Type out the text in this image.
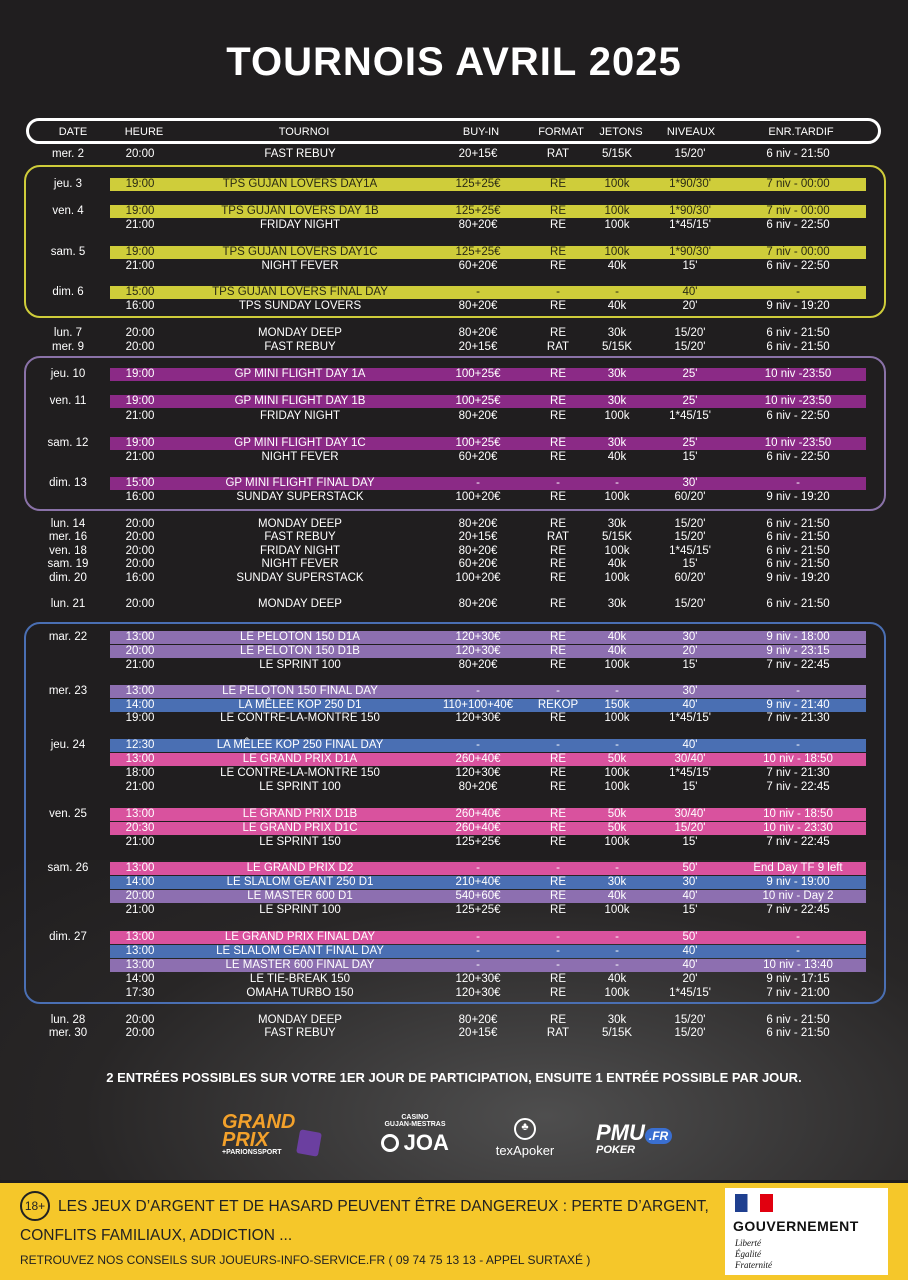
TOURNOIS AVRIL 2025
DATE	HEURE	TOURNOI	BUY-IN	FORMAT JETONS NIVEAUX	ENR.TARDIF
mer. 2	20:00	FAST REBUY	20+15€	RAT	5/15K	15/20'	6 niv - 21:50
jeu. 3	19:00	TPS GUJAN LOVERS DAY1A	125+25€	RE	100k	1*90/30'	7 niv - 00:00
ven. 4	19:00	TPS GUJAN LOVERS DAY 1B	125+25€	RE	100k	1*90/30'	7 niv - 00:00
21:00	FRIDAY NIGHT	80+20€	RE	100k	1*45/15'	6 niv - 22:50
sam. 5	19:00	TPS GUJAN LOVERS DAY1C	125+25€	RE	100k	1*90/30'	7 niv - 00:00
21:00	NIGHT FEVER	60+20€	RE	40k	15'	6 niv - 22:50
dim. 6	15:00	TPS GUJAN LOVERS FINAL DAY	-	-	-	40'	-
16:00	TPS SUNDAY LOVERS	80+20€	RE	40k	20'	9 niv - 19:20
lun. 7	20:00	MONDAY DEEP	80+20€	RE	30k	15/20'	6 niv - 21:50
mer. 9	20:00	FAST REBUY	20+15€	RAT	5/15K	15/20'	6 niv - 21:50
jeu. 10	19:00	GP MINI FLIGHT DAY 1A	100+25€	RE	30k	25'	10 niv -23:50
ven. 11	19:00	GP MINI FLIGHT DAY 1B	100+25€	RE	30k	25'	10 niv -23:50
21:00	FRIDAY NIGHT	80+20€	RE	100k	1*45/15'	6 niv - 22:50
sam. 12	19:00	GP MINI FLIGHT DAY 1C	100+25€	RE	30k	25'	10 niv -23:50
21:00	NIGHT FEVER	60+20€	RE	40k	15'	6 niv - 22:50
dim. 13	15:00	GP MINI FLIGHT FINAL DAY	-	-	-	30'	-
16:00	SUNDAY SUPERSTACK	100+20€	RE	100k	60/20'	9 niv - 19:20
lun. 14	20:00	MONDAY DEEP	80+20€	RE	30k	15/20'	6 niv - 21:50
mer. 16	20:00	FAST REBUY	20+15€	RAT	5/15K	15/20'	6 niv - 21:50
ven. 18	20:00	FRIDAY NIGHT	80+20€	RE	100k	1*45/15'	6 niv - 21:50
sam. 19	20:00	NIGHT FEVER	60+20€	RE	40k	15'	6 niv - 21:50
dim. 20	16:00	SUNDAY SUPERSTACK	100+20€	RE	100k	60/20'	9 niv - 19:20
lun. 21	20:00	MONDAY DEEP	80+20€	RE	30k	15/20'	6 niv - 21:50
mar. 22	13:00	LE PELOTON 150 D1A	120+30€	RE	40k	30'	9 niv - 18:00
20:00	LE PELOTON 150 D1B	120+30€	RE	40k	20'	9 niv - 23:15
21:00	LE SPRINT 100	80+20€	RE	100k	15'	7 niv - 22:45
mer. 23	13:00	LE PELOTON 150 FINAL DAY	-	-	-	30'	-
14:00	LA MÊLEE KOP 250 D1	110+100+40€ REKOP 150k	40'	9 niv - 21:40
19:00	LE CONTRE-LA-MONTRE 150	120+30€	RE	100k	1*45/15'	7 niv - 21:30
jeu. 24	12:30	LA MÊLEE KOP 250 FINAL DAY	-	-	-	40'	-
13:00	LE GRAND PRIX D1A	260+40€	RE	50k	30/40'	10 niv - 18:50
18:00	LE CONTRE-LA-MONTRE 150	120+30€	RE	100k	1*45/15'	7 niv - 21:30
21:00	LE SPRINT 100	80+20€	RE	100k	15'	7 niv - 22:45
ven. 25	13:00	LE GRAND PRIX D1B	260+40€	RE	50k	30/40'	10 niv - 18:50
20:30	LE GRAND PRIX D1C	260+40€	RE	50k	15/20'	10 niv - 23:30
21:00	LE SPRINT 150	125+25€	RE	100k	15'	7 niv - 22:45
sam. 26	13:00	LE GRAND PRIX D2	-	-	-	50'	End Day TF 9 left
14:00	LE SLALOM GEANT 250 D1	210+40€	RE	30k	30'	9 niv - 19:00
20:00	LE MASTER 600 D1	540+60€	RE	40k	40'	10 niv - Day 2
21:00	LE SPRINT 100	125+25€	RE	100k	15'	7 niv - 22:45
dim. 27	13:00	LE GRAND PRIX FINAL DAY	-	-	-	50'	-
13:00	LE SLALOM GEANT FINAL DAY	-	-	-	40'	-
13:00	LE MASTER 600 FINAL DAY	-	-	-	40'	10 niv - 13:40
14:00	LE TIE-BREAK 150	120+30€	RE	40k	20'	9 niv - 17:15
17:30	OMAHA TURBO 150	120+30€	RE	100k	1*45/15'	7 niv - 21:00
lun. 28	20:00	MONDAY DEEP	80+20€	RE	30k	15/20'	6 niv - 21:50
mer. 30	20:00	FAST REBUY	20+15€	RAT	5/15K	15/20'	6 niv - 21:50
2 ENTRÉES POSSIBLES SUR VOTRE 1ER JOUR DE PARTICIPATION, ENSUITE 1 ENTRÉE POSSIBLE PAR JOUR.
GRAND
PRIX
+PARIONSSPORT
CASINO
GUJAN-MESTRAS
JOA
♣
texApoker
PMU .FR
POKER
18+ LES JEUX D’ARGENT ET DE HASARD PEUVENT ÊTRE DANGEREUX : PERTE D’ARGENT,
CONFLITS FAMILIAUX, ADDICTION ...
RETROUVEZ NOS CONSEILS SUR JOUEURS-INFO-SERVICE.FR ( 09 74 75 13 13 - APPEL SURTAXÉ )
GOUVERNEMENT
Liberté
Égalité
Fraternité
